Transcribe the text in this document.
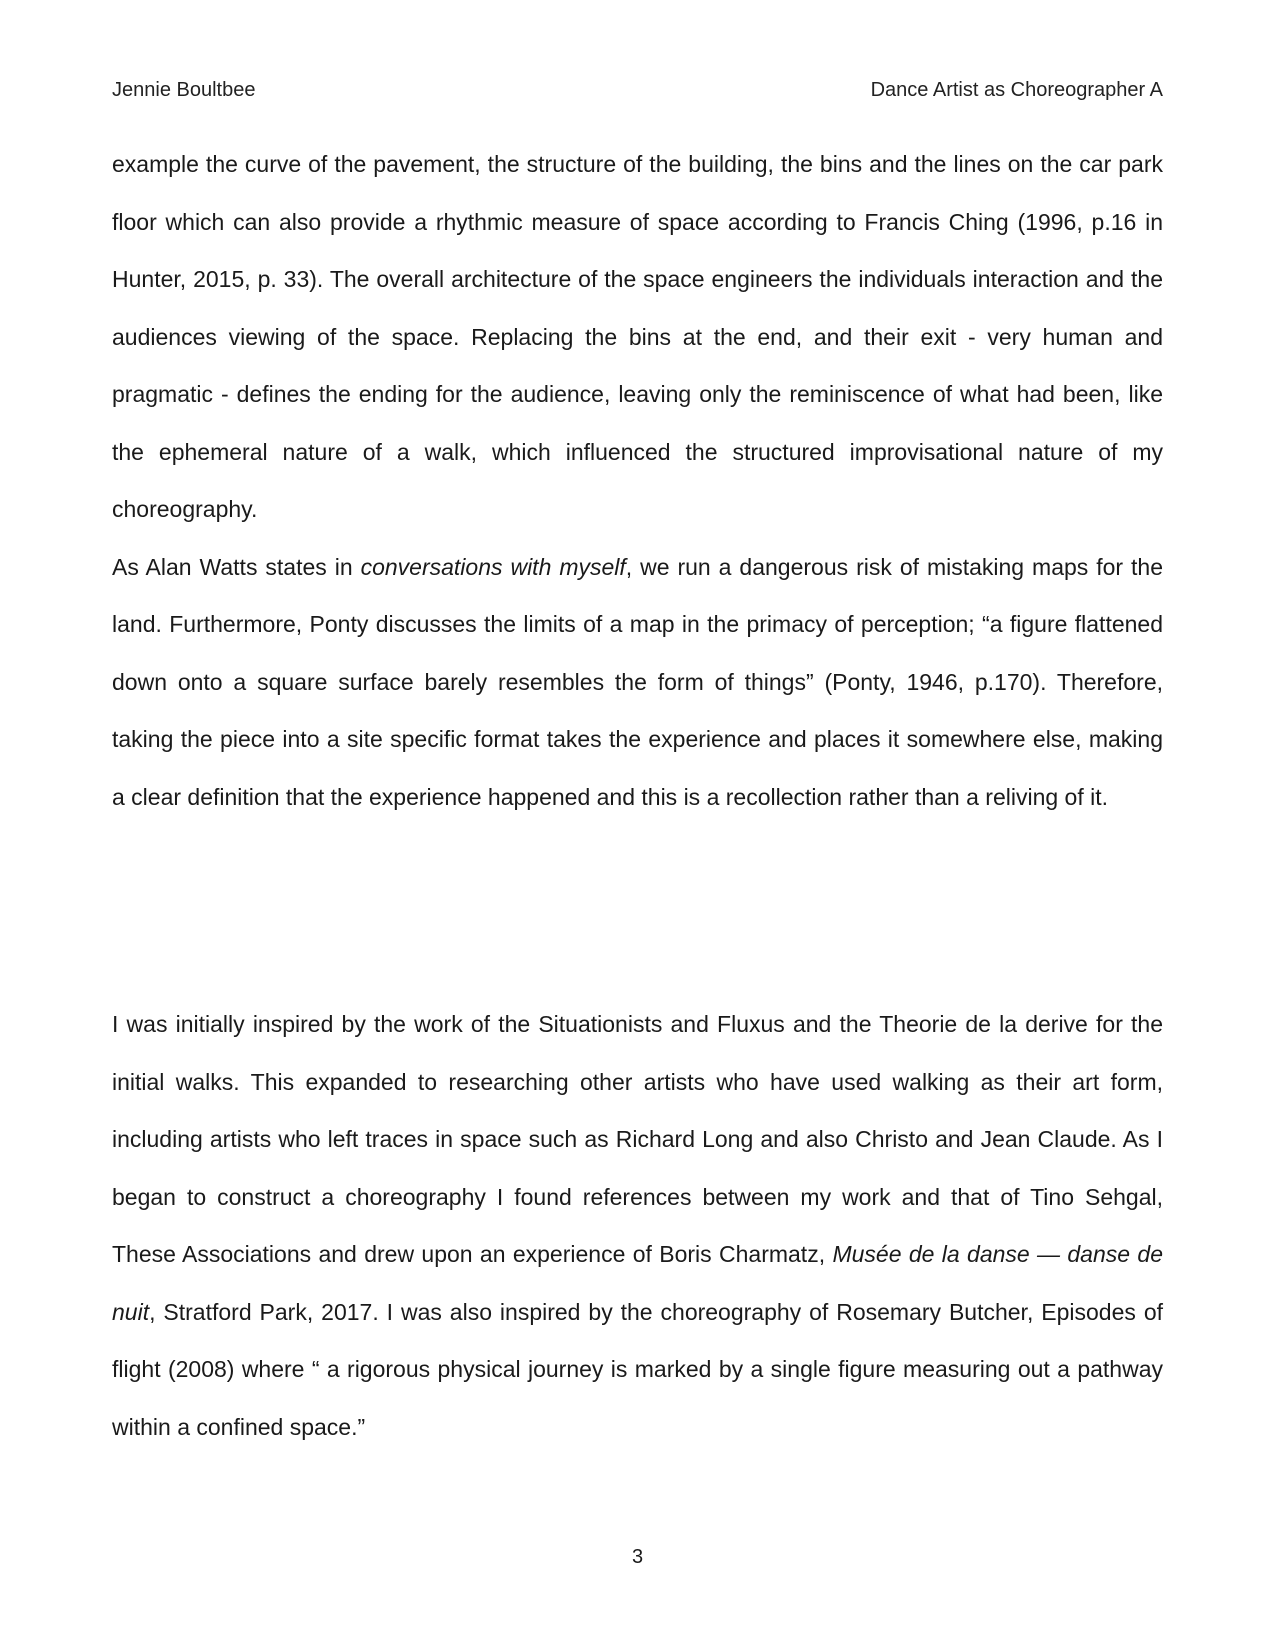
Jennie Boultbee	Dance Artist as Choreographer A

example the curve of the pavement, the structure of the building, the bins and the lines on the car park floor which can also provide a rhythmic measure of space according to Francis Ching (1996, p.16 in Hunter, 2015, p. 33). The overall architecture of the space engineers the individuals interaction and the audiences viewing of the space. Replacing the bins at the end, and their exit - very human and pragmatic - defines the ending for the audience, leaving only the reminiscence of what had been, like the ephemeral nature of a walk, which influenced the structured improvisational nature of my choreography.

As Alan Watts states in conversations with myself, we run a dangerous risk of mistaking maps for the land. Furthermore, Ponty discusses the limits of a map in the primacy of perception; “a figure flattened down onto a square surface barely resembles the form of things” (Ponty, 1946, p.170). Therefore, taking the piece into a site specific format takes the experience and places it somewhere else, making a clear definition that the experience happened and this is a recollection rather than a reliving of it.

I was initially inspired by the work of the Situationists and Fluxus and the Theorie de la derive for the initial walks. This expanded to researching other artists who have used walking as their art form, including artists who left traces in space such as Richard Long and also Christo and Jean Claude. As I began to construct a choreography I found references between my work and that of Tino Sehgal, These Associations and drew upon an experience of Boris Charmatz, Musée de la danse — danse de nuit, Stratford Park, 2017. I was also inspired by the choreography of Rosemary Butcher, Episodes of flight (2008) where “ a rigorous physical journey is marked by a single figure measuring out a pathway within a confined space.”

3
